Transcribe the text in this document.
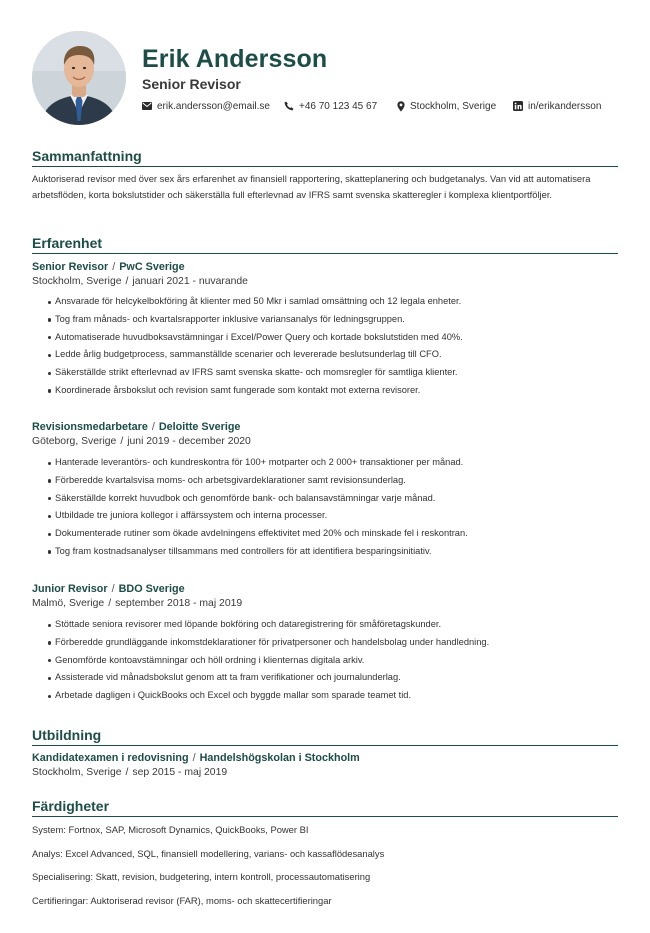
Erik Andersson
Senior Revisor
erik.andersson@email.se	+46 70 123 45 67	Stockholm, Sverige	in/erikandersson
Sammanfattning
Auktoriserad revisor med över sex års erfarenhet av finansiell rapportering, skatteplanering och budgetanalys. Van vid att automatisera arbetsflöden, korta bokslutstider och säkerställa full efterlevnad av IFRS samt svenska skatteregler i komplexa klientportföljer.
Erfarenhet
Senior Revisor / PwC Sverige
Stockholm, Sverige / januari 2021 - nuvarande
Ansvarade för helcykelbokföring åt klienter med 50 Mkr i samlad omsättning och 12 legala enheter.
Tog fram månads- och kvartalsrapporter inklusive variansanalys för ledningsgruppen.
Automatiserade huvudboksavstämningar i Excel/Power Query och kortade bokslutstiden med 40%.
Ledde årlig budgetprocess, sammanställde scenarier och levererade beslutsunderlag till CFO.
Säkerställde strikt efterlevnad av IFRS samt svenska skatte- och momsregler för samtliga klienter.
Koordinerade årsbokslut och revision samt fungerade som kontakt mot externa revisorer.
Revisionsmedarbetare / Deloitte Sverige
Göteborg, Sverige / juni 2019 - december 2020
Hanterade leverantörs- och kundreskontra för 100+ motparter och 2 000+ transaktioner per månad.
Förberedde kvartalsvisa moms- och arbetsgivardeklarationer samt revisionsunderlag.
Säkerställde korrekt huvudbok och genomförde bank- och balansavstämningar varje månad.
Utbildade tre juniora kollegor i affärssystem och interna processer.
Dokumenterade rutiner som ökade avdelningens effektivitet med 20% och minskade fel i reskontran.
Tog fram kostnadsanalyser tillsammans med controllers för att identifiera besparingsinitiativ.
Junior Revisor / BDO Sverige
Malmö, Sverige / september 2018 - maj 2019
Stöttade seniora revisorer med löpande bokföring och dataregistrering för småföretagskunder.
Förberedde grundläggande inkomstdeklarationer för privatpersoner och handelsbolag under handledning.
Genomförde kontoavstämningar och höll ordning i klienternas digitala arkiv.
Assisterade vid månadsbokslut genom att ta fram verifikationer och journalunderlag.
Arbetade dagligen i QuickBooks och Excel och byggde mallar som sparade teamet tid.
Utbildning
Kandidatexamen i redovisning / Handelshögskolan i Stockholm
Stockholm, Sverige / sep 2015 - maj 2019
Färdigheter
System: Fortnox, SAP, Microsoft Dynamics, QuickBooks, Power BI
Analys: Excel Advanced, SQL, finansiell modellering, varians- och kassaflödesanalys
Specialisering: Skatt, revision, budgetering, intern kontroll, processautomatisering
Certifieringar: Auktoriserad revisor (FAR), moms- och skattecertifieringar
